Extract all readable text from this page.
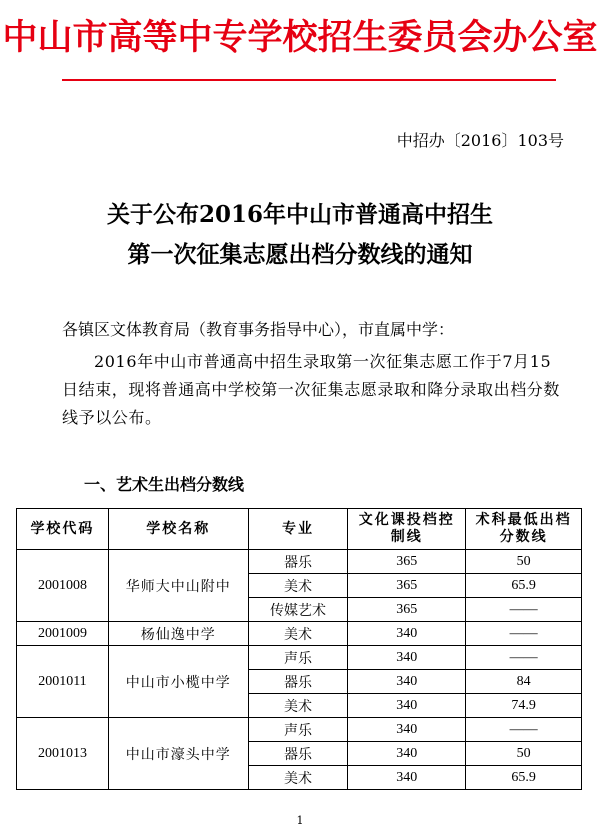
中山市高等中专学校招生委员会办公室
中招办〔2016〕103号
关于公布2016年中山市普通高中招生
第一次征集志愿出档分数线的通知
各镇区文体教育局（教育事务指导中心），市直属中学：
2016年中山市普通高中招生录取第一次征集志愿工作于7月15日结束，现将普通高中学校第一次征集志愿录取和降分录取出档分数线予以公布。
一、艺术生出档分数线
学校代码	学校名称	专业	文化课投档控制线	术科最低出档分数线
2001008	华师大中山附中	器乐	365	50
		美术	365	65.9
		传媒艺术	365	——
2001009	杨仙逸中学	美术	340	——
2001011	中山市小榄中学	声乐	340	——
		器乐	340	84
		美术	340	74.9
2001013	中山市濠头中学	声乐	340	——
		器乐	340	50
		美术	340	65.9
1
